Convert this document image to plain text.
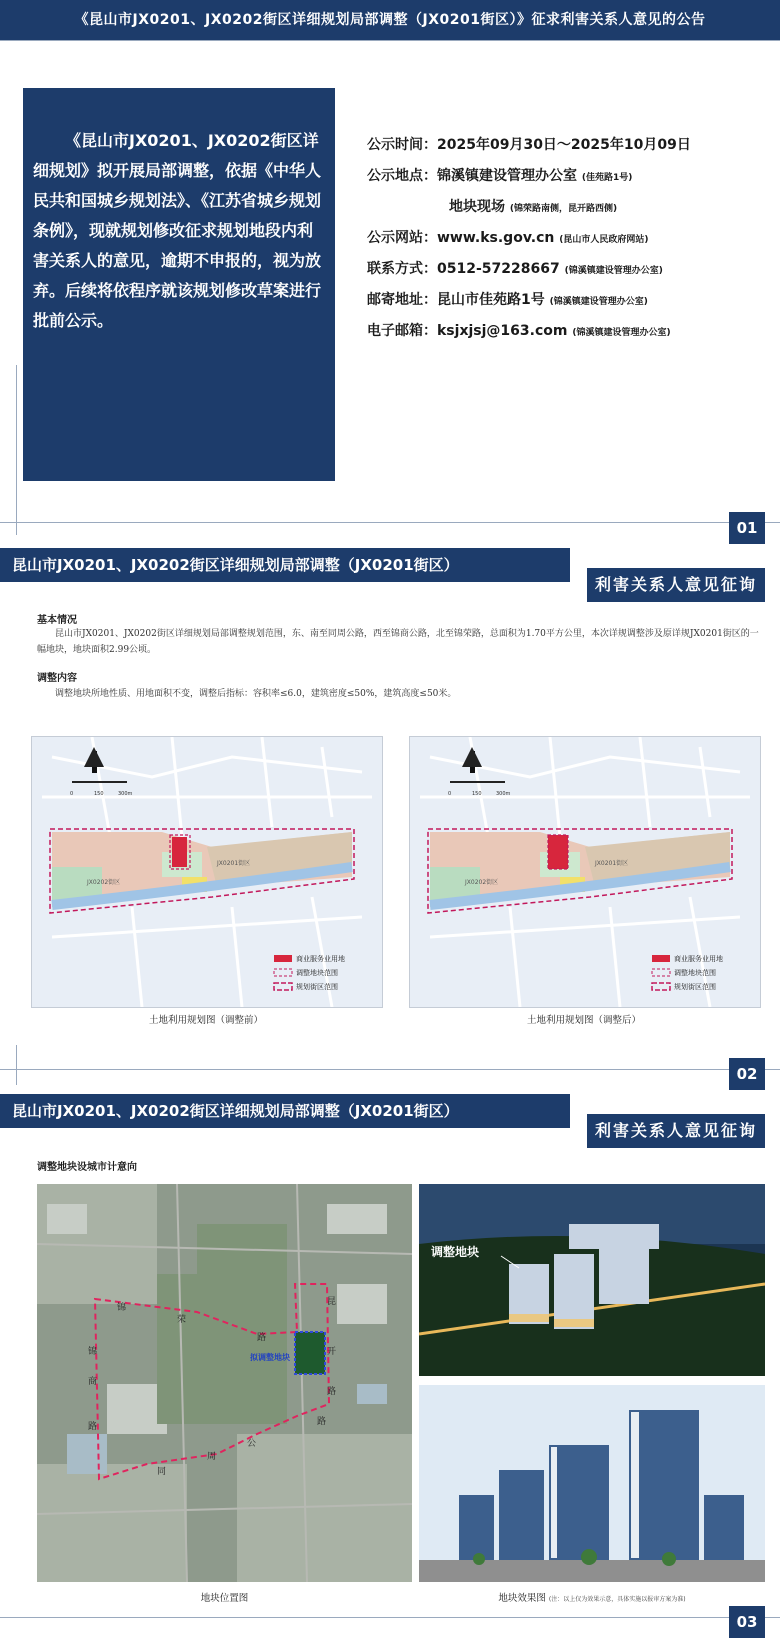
《昆山市JX0201、JX0202街区详细规划局部调整（JX0201街区）》征求利害关系人意见的公告

《昆山市JX0201、JX0202街区详细规划》拟开展局部调整，依据《中华人民共和国城乡规划法》、《江苏省城乡规划条例》，现就规划修改征求规划地段内利害关系人的意见，逾期不申报的，视为放弃。后续将依程序就该规划修改草案进行批前公示。

公示时间：2025年09月30日～2025年10月09日
公示地点：锦溪镇建设管理办公室 (佳苑路1号)
地块现场 (锦荣路南侧，昆开路西侧)
公示网站：www.ks.gov.cn (昆山市人民政府网站)
联系方式：0512-57228667 (锦溪镇建设管理办公室)
邮寄地址：昆山市佳苑路1号 (锦溪镇建设管理办公室)
电子邮箱：ksjxjsj@163.com (锦溪镇建设管理办公室)
01
昆山市JX0201、JX0202街区详细规划局部调整（JX0201街区）
利害关系人意见征询
基本情况
昆山市JX0201、JX0202街区详细规划局部调整规划范围，东、南至同周公路，西至锦商公路，北至锦荣路，总面积为1.70平方公里，本次详规调整涉及原详规JX0201街区的一幅地块，地块面积2.99公顷。
调整内容
调整地块所地性质、用地面积不变，调整后指标：容积率≤6.0，建筑密度≤50%，建筑高度≤50米。
0	150	300m
JX0201街区
JX0202街区
商业服务业用地
调整地块范围
规划街区范围
土地利用规划图（调整前）
0	150	300m
JX0201街区
JX0202街区
商业服务业用地
调整地块范围
规划街区范围
土地利用规划图（调整后）
02
昆山市JX0201、JX0202街区详细规划局部调整（JX0201街区）
利害关系人意见征询
调整地块设城市计意向
拟调整地块
锦
荣
路
锦
商
路
同
周
公
路
昆
开
路
地块位置图
调整地块
地块效果图 (注：以上仅为效果示意，具体实施以报审方案为准)
03
